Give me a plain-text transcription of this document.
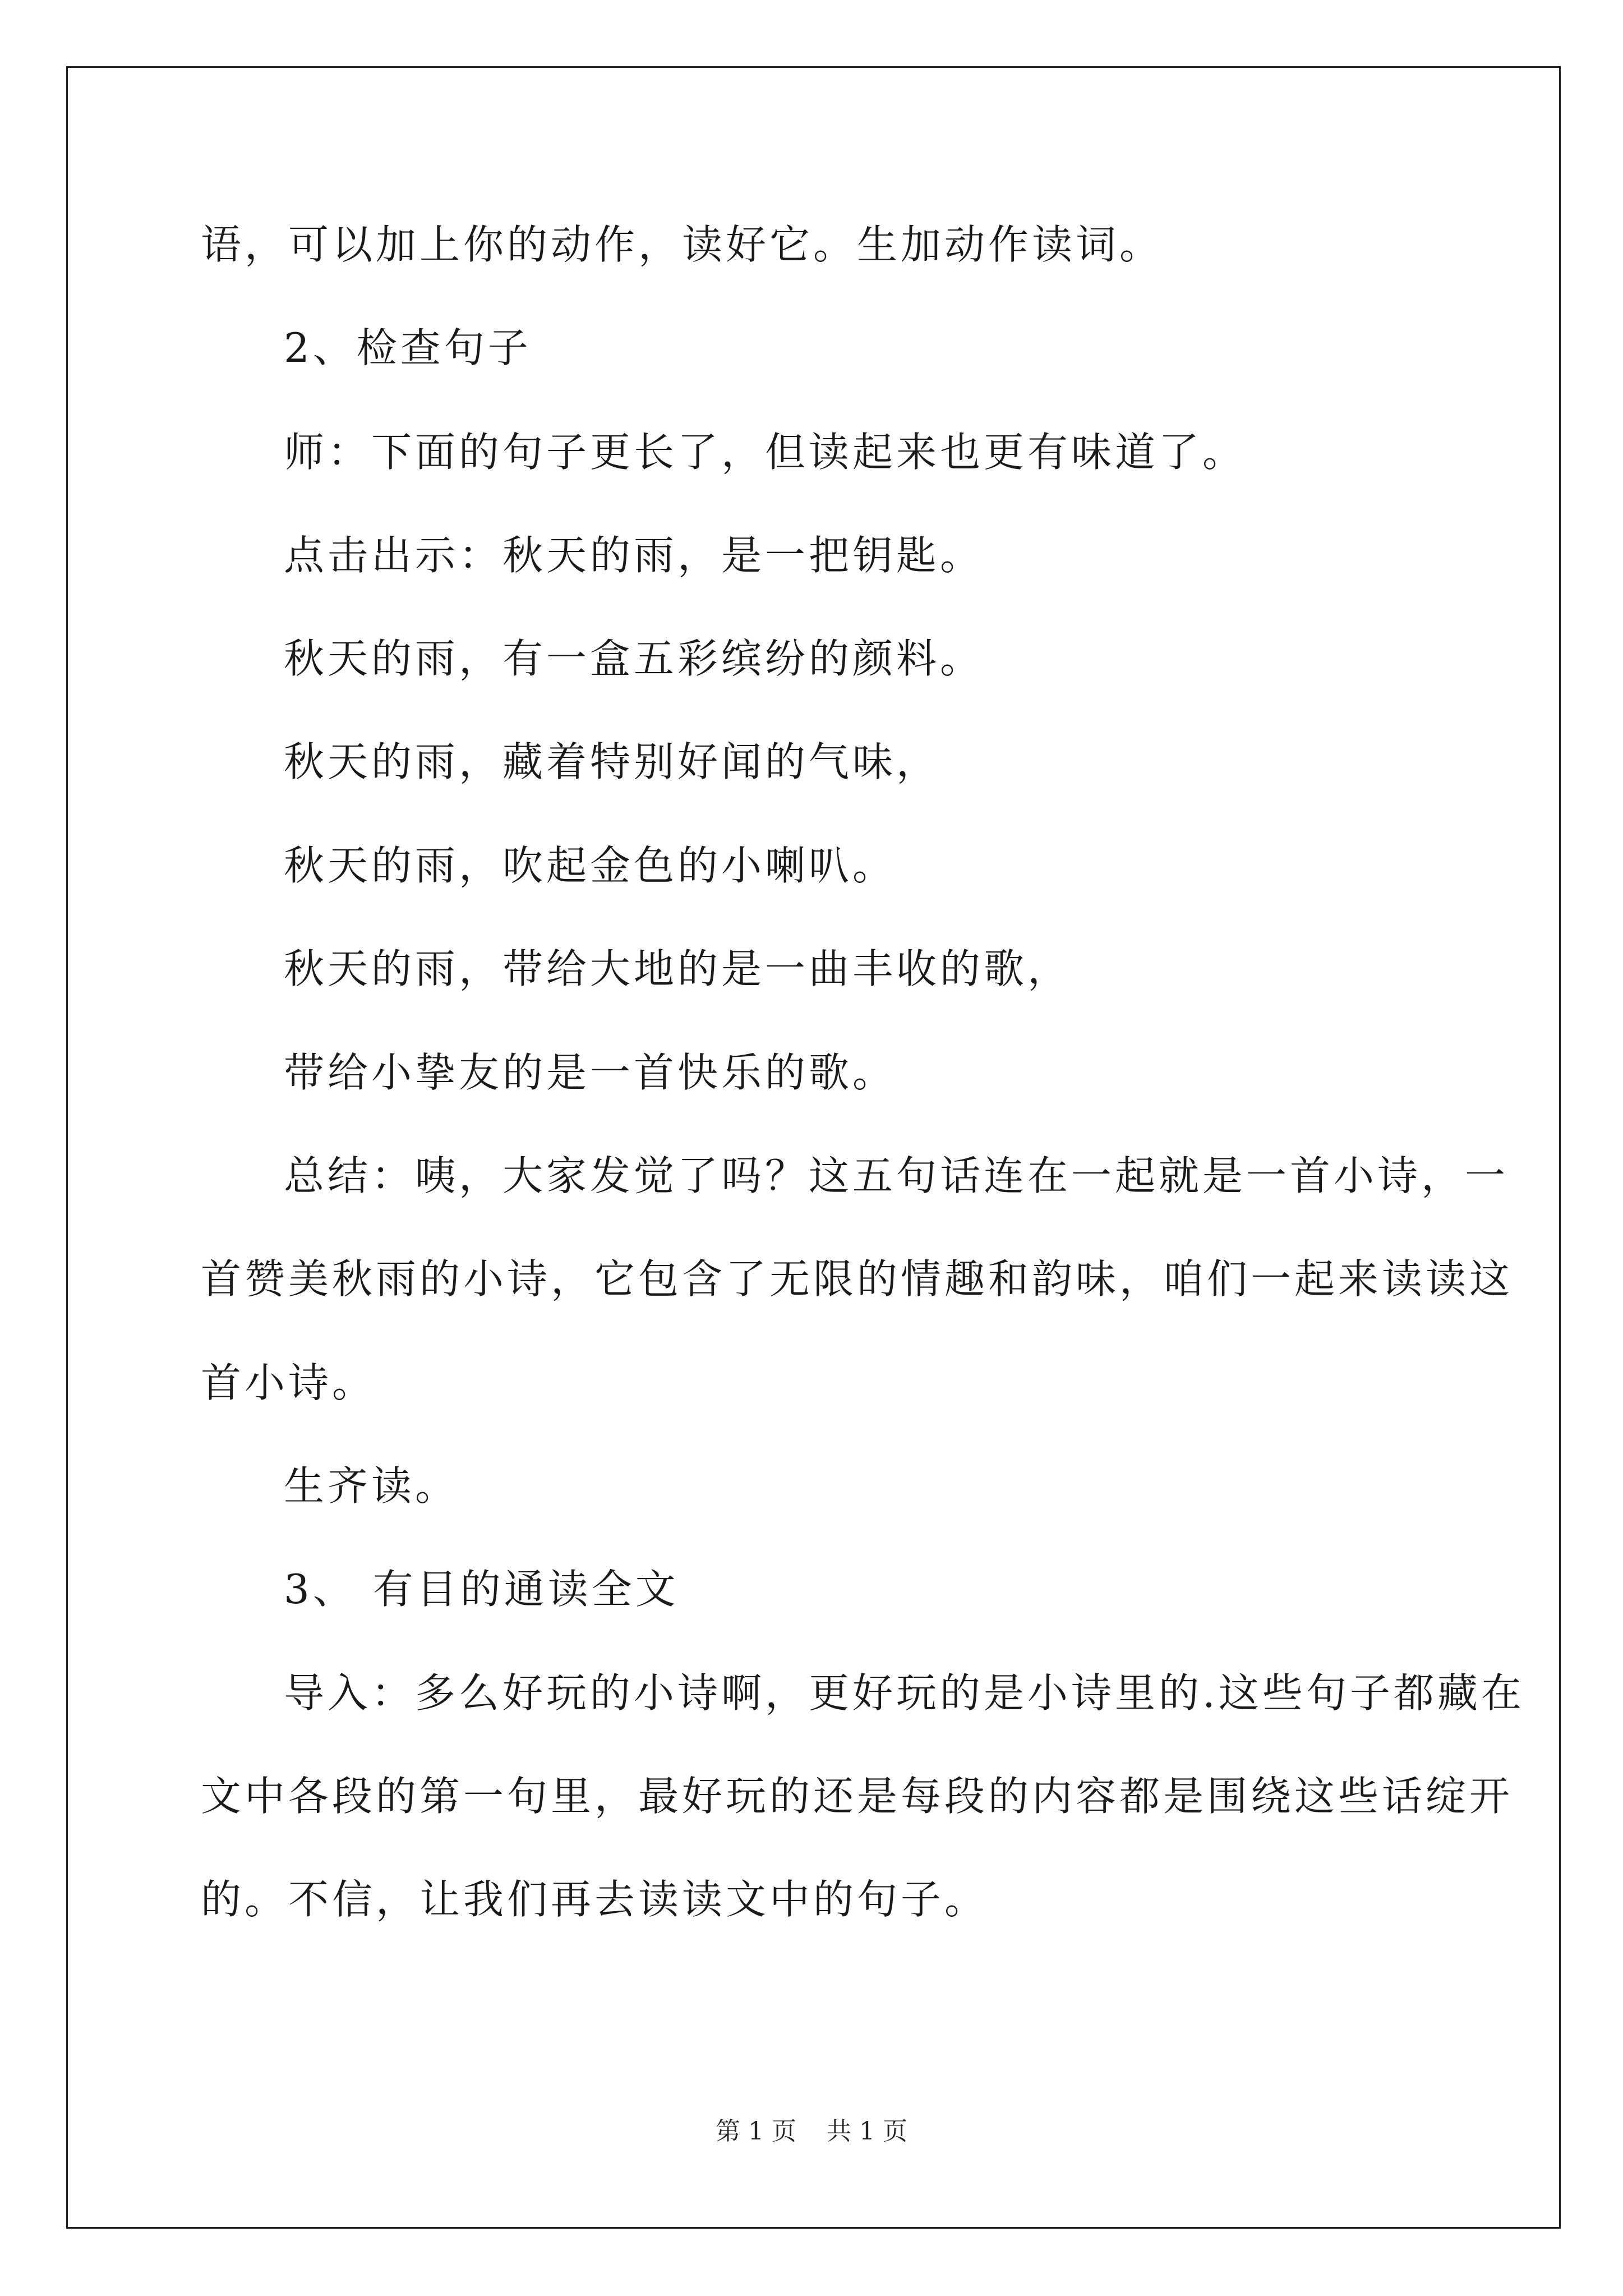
语，可以加上你的动作，读好它。生加动作读词。
2、检查句子
师：下面的句子更长了，但读起来也更有味道了。
点击出示：秋天的雨，是一把钥匙。
秋天的雨，有一盒五彩缤纷的颜料。
秋天的雨，藏着特别好闻的气味，
秋天的雨，吹起金色的小喇叭。
秋天的雨，带给大地的是一曲丰收的歌，
带给小挚友的是一首快乐的歌。
总结：咦，大家发觉了吗？这五句话连在一起就是一首小诗，一
首赞美秋雨的小诗，它包含了无限的情趣和韵味，咱们一起来读读这
首小诗。
生齐读。
3、 有目的通读全文
导入：多么好玩的小诗啊，更好玩的是小诗里的.这些句子都藏在
文中各段的第一句里，最好玩的还是每段的内容都是围绕这些话绽开
的。不信，让我们再去读读文中的句子。
第 1 页 共 1 页
